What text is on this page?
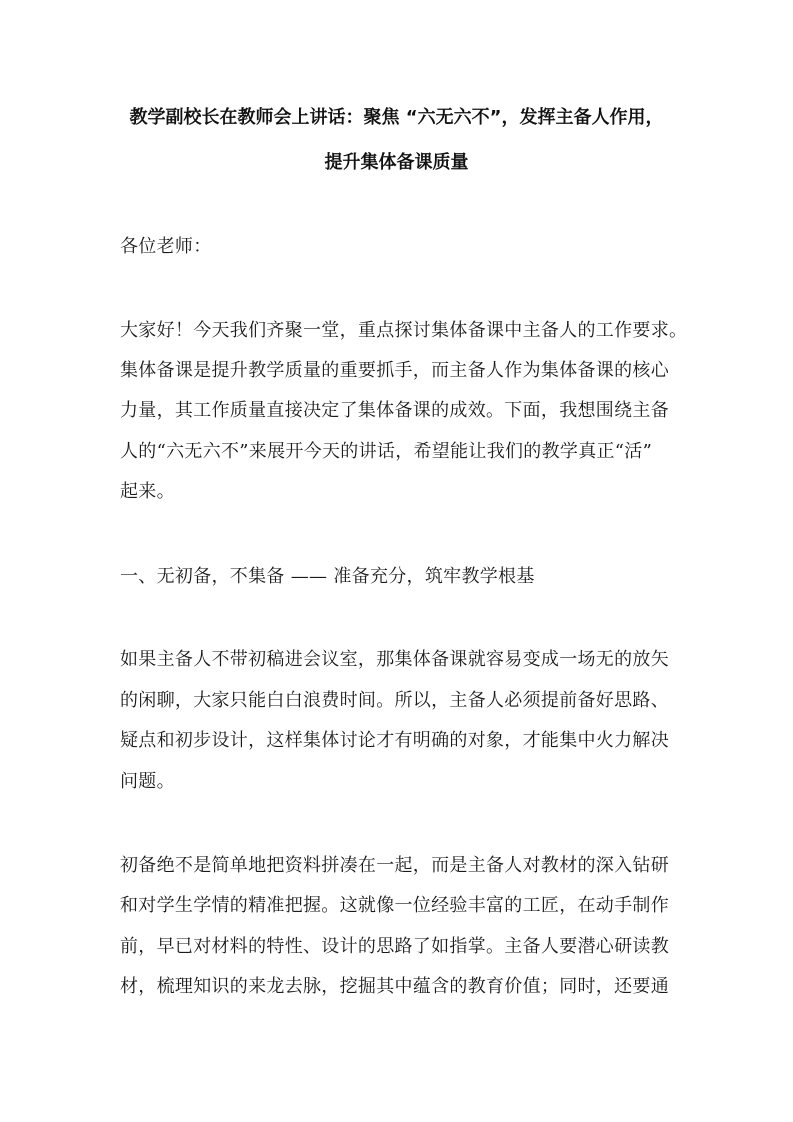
教学副校长在教师会上讲话：聚焦 “六无六不”，发挥主备人作用，
提升集体备课质量
各位老师：
大家好！今天我们齐聚一堂，重点探讨集体备课中主备人的工作要求。
集体备课是提升教学质量的重要抓手，而主备人作为集体备课的核心
力量，其工作质量直接决定了集体备课的成效。下面，我想围绕主备
人的“六无六不”来展开今天的讲话，希望能让我们的教学真正“活”
起来。
一、无初备，不集备 —— 准备充分，筑牢教学根基
如果主备人不带初稿进会议室，那集体备课就容易变成一场无的放矢
的闲聊，大家只能白白浪费时间。所以，主备人必须提前备好思路、
疑点和初步设计，这样集体讨论才有明确的对象，才能集中火力解决
问题。
初备绝不是简单地把资料拼凑在一起，而是主备人对教材的深入钻研
和对学生学情的精准把握。这就像一位经验丰富的工匠，在动手制作
前，早已对材料的特性、设计的思路了如指掌。主备人要潜心研读教
材，梳理知识的来龙去脉，挖掘其中蕴含的教育价值；同时，还要通
